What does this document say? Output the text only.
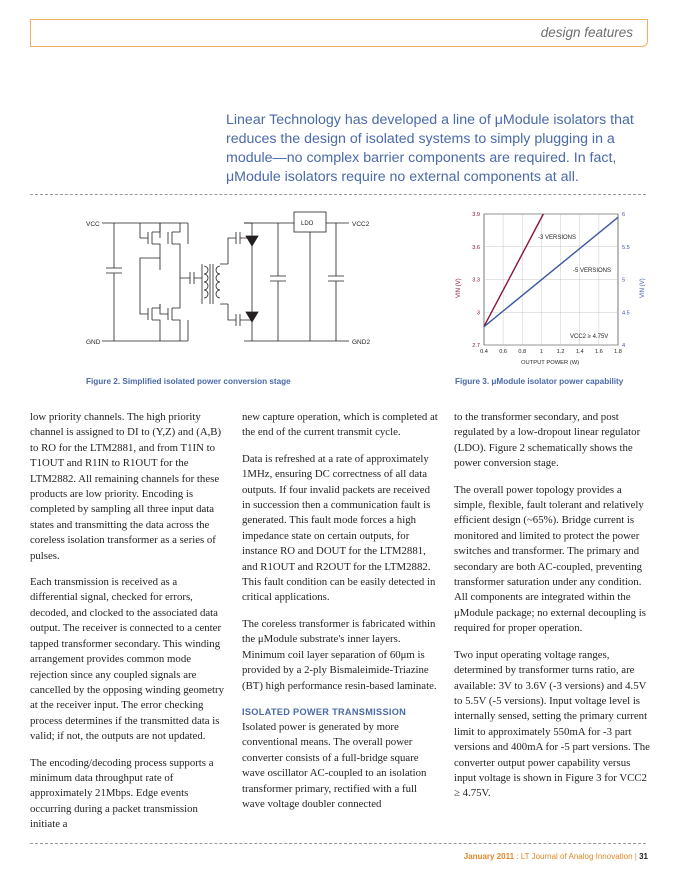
design features
Linear Technology has developed a line of μModule isolators that reduces the design of isolated systems to simply plugging in a module—no complex barrier components are required. In fact, μModule isolators require no external components at all.
VCC
GND
LDO	VCC2
GND2
Figure 2. Simplified isolated power conversion stage
0.4 0.6 0.8 1 1.2 1.4 1.6 1.8
3.9
3.6
3.3
3
2.7
6
5.5
5
4.5
4
-3 VERSIONS
-5 VERSIONS
VCC2 ≥ 4.75V
OUTPUT POWER (W)
VIN (V)	VIN (V)
Figure 3. μModule isolator power capability

low priority channels. The high priority channel is assigned to DI to (Y,Z) and (A,B) to RO for the LTM2881, and from T1IN to T1OUT and R1IN to R1OUT for the LTM2882. All remaining channels for these products are low priority. Encoding is completed by sampling all three input data states and transmitting the data across the coreless isolation transformer as a series of pulses.

Each transmission is received as a differential signal, checked for errors, decoded, and clocked to the associated data output. The receiver is connected to a center tapped transformer secondary. This winding arrangement provides common mode rejection since any coupled signals are cancelled by the opposing winding geometry at the receiver input. The error checking process determines if the transmitted data is valid; if not, the outputs are not updated.

The encoding/decoding process supports a minimum data throughput rate of approximately 21Mbps. Edge events occurring during a packet transmission initiate a

new capture operation, which is completed at the end of the current transmit cycle.

Data is refreshed at a rate of approximately 1MHz, ensuring DC correctness of all data outputs. If four invalid packets are received in succession then a communication fault is generated. This fault mode forces a high impedance state on certain outputs, for instance RO and DOUT for the LTM2881, and R1OUT and R2OUT for the LTM2882. This fault condition can be easily detected in critical applications.

The coreless transformer is fabricated within the μModule substrate's inner layers. Minimum coil layer separation of 60μm is provided by a 2-ply Bismaleimide-Triazine (BT) high performance resin-based laminate.

ISOLATED POWER TRANSMISSION

Isolated power is generated by more conventional means. The overall power converter consists of a full-bridge square wave oscillator AC-coupled to an isolation transformer primary, rectified with a full wave voltage doubler connected

to the transformer secondary, and post regulated by a low-dropout linear regulator (LDO). Figure 2 schematically shows the power conversion stage.

The overall power topology provides a simple, flexible, fault tolerant and relatively efficient design (~65%). Bridge current is monitored and limited to protect the power switches and transformer. The primary and secondary are both AC-coupled, preventing transformer saturation under any condition. All components are integrated within the μModule package; no external decoupling is required for proper operation.

Two input operating voltage ranges, determined by transformer turns ratio, are available: 3V to 3.6V (-3 versions) and 4.5V to 5.5V (-5 versions). Input voltage level is internally sensed, setting the primary current limit to approximately 550mA for -3 part versions and 400mA for -5 part versions. The converter output power capability versus input voltage is shown in Figure 3 for VCC2 ≥ 4.75V.

January 2011 : LT Journal of Analog Innovation | 31
